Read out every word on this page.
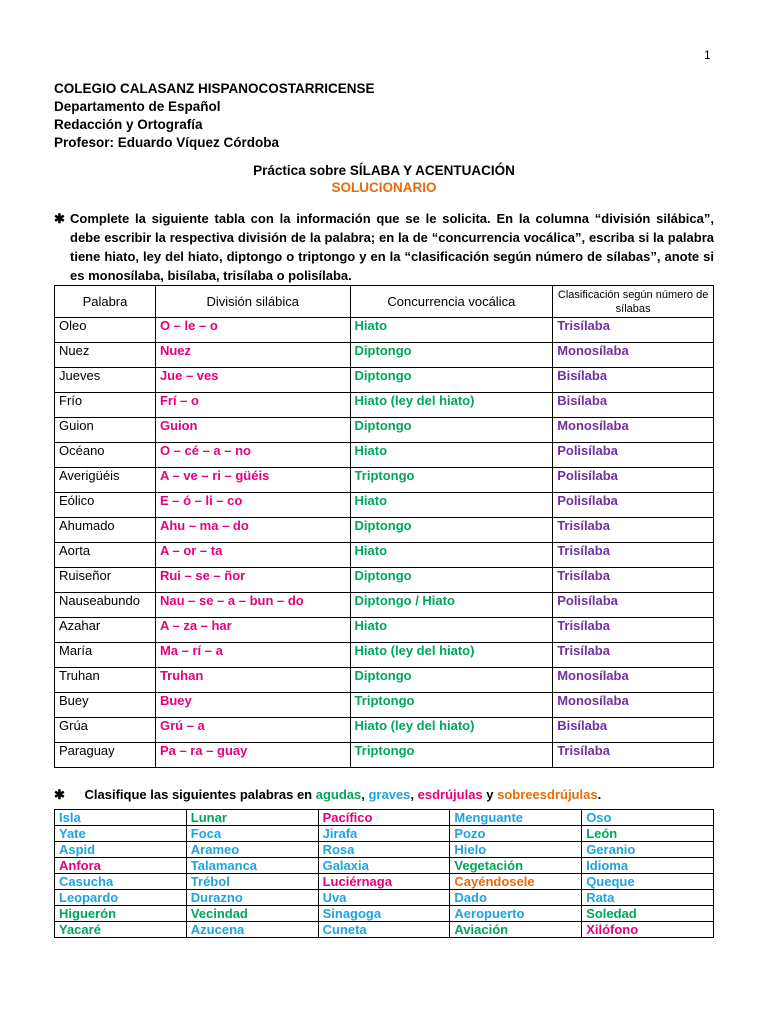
1
COLEGIO CALASANZ HISPANOCOSTARRICENSE
Departamento de Español
Redacción y Ortografía
Profesor: Eduardo Víquez Córdoba
Práctica sobre SÍLABA Y ACENTUACIÓN
SOLUCIONARIO
✱ Complete la siguiente tabla con la información que se le solicita. En la columna “división silábica”, debe escribir la respectiva división de la palabra; en la de “concurrencia vocálica”, escriba si la palabra tiene hiato, ley del hiato, diptongo o triptongo y en la “clasificación según número de sílabas”, anote si es monosílaba, bisílaba, trisílaba o polisílaba.
Palabra	División silábica	Concurrencia vocálica	Clasificación según número de sílabas
Oleo	O – le – o	Hiato	Trisílaba
Nuez	Nuez	Diptongo	Monosílaba
Jueves	Jue – ves	Diptongo	Bisílaba
Frío	Frí – o	Hiato (ley del hiato)	Bisílaba
Guion	Guion	Diptongo	Monosílaba
Océano	O – cé – a – no	Hiato	Polisílaba
Averigüéis	A – ve – ri – güéis	Triptongo	Polisílaba
Eólico	E – ó – li – co	Hiato	Polisílaba
Ahumado	Ahu – ma – do	Diptongo	Trisílaba
Aorta	A – or – ta	Hiato	Trisílaba
Ruiseñor	Rui – se – ñor	Diptongo	Trisílaba
Nauseabundo	Nau – se – a – bun – do	Diptongo / Hiato	Polisílaba
Azahar	A – za – har	Hiato	Trisílaba
María	Ma – rí – a	Hiato (ley del hiato)	Trisílaba
Truhan	Truhan	Diptongo	Monosílaba
Buey	Buey	Triptongo	Monosílaba
Grúa	Grú – a	Hiato (ley del hiato)	Bisílaba
Paraguay	Pa – ra – guay	Triptongo	Trisílaba
✱ Clasifique las siguientes palabras en agudas, graves, esdrújulas y sobreesdrújulas.
Isla	Lunar	Pacífico	Menguante	Oso
Yate	Foca	Jirafa	Pozo	León
Aspid	Arameo	Rosa	Hielo	Geranio
Anfora	Talamanca	Galaxia	Vegetación	Idioma
Casucha	Trébol	Luciérnaga	Cayéndosele	Queque
Leopardo	Durazno	Uva	Dado	Rata
Higuerón	Vecindad	Sinagoga	Aeropuerto	Soledad
Yacaré	Azucena	Cuneta	Aviación	Xilófono
